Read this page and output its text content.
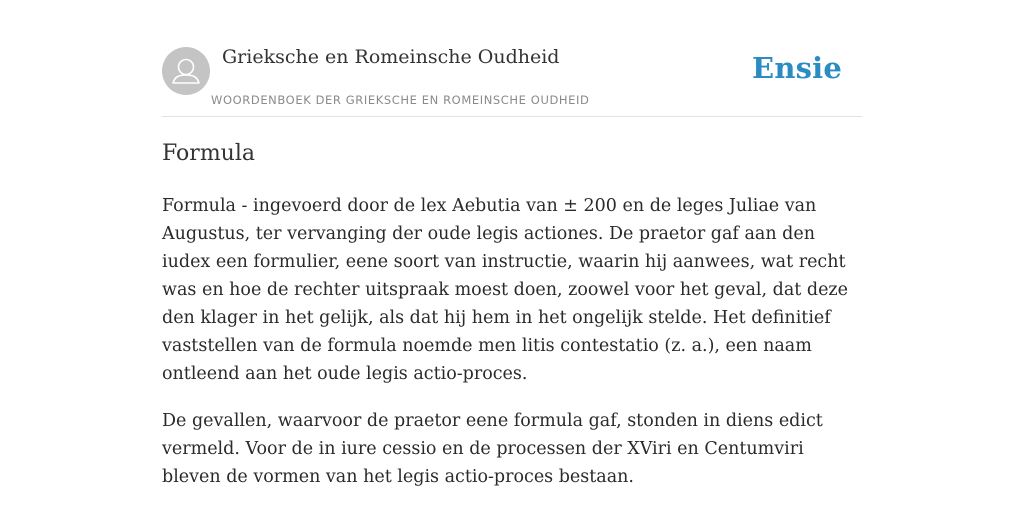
Grieksche en Romeinsche Oudheid
WOORDENBOEK DER GRIEKSCHE EN ROMEINSCHE OUDHEID
Ensie
Formula

Formula - ingevoerd door de lex Aebutia van ± 200 en de leges Juliae van Augustus, ter vervanging der oude legis actiones. De praetor gaf aan den iudex een formulier, eene soort van instructie, waarin hij aanwees, wat recht was en hoe de rechter uitspraak moest doen, zoowel voor het geval, dat deze den klager in het gelijk, als dat hij hem in het ongelijk stelde. Het definitief vaststellen van de formula noemde men litis contestatio (z. a.), een naam ontleend aan het oude legis actio-proces.

De gevallen, waarvoor de praetor eene formula gaf, stonden in diens edict vermeld. Voor de in iure cessio en de processen der XViri en Centumviri bleven de vormen van het legis actio-proces bestaan.
